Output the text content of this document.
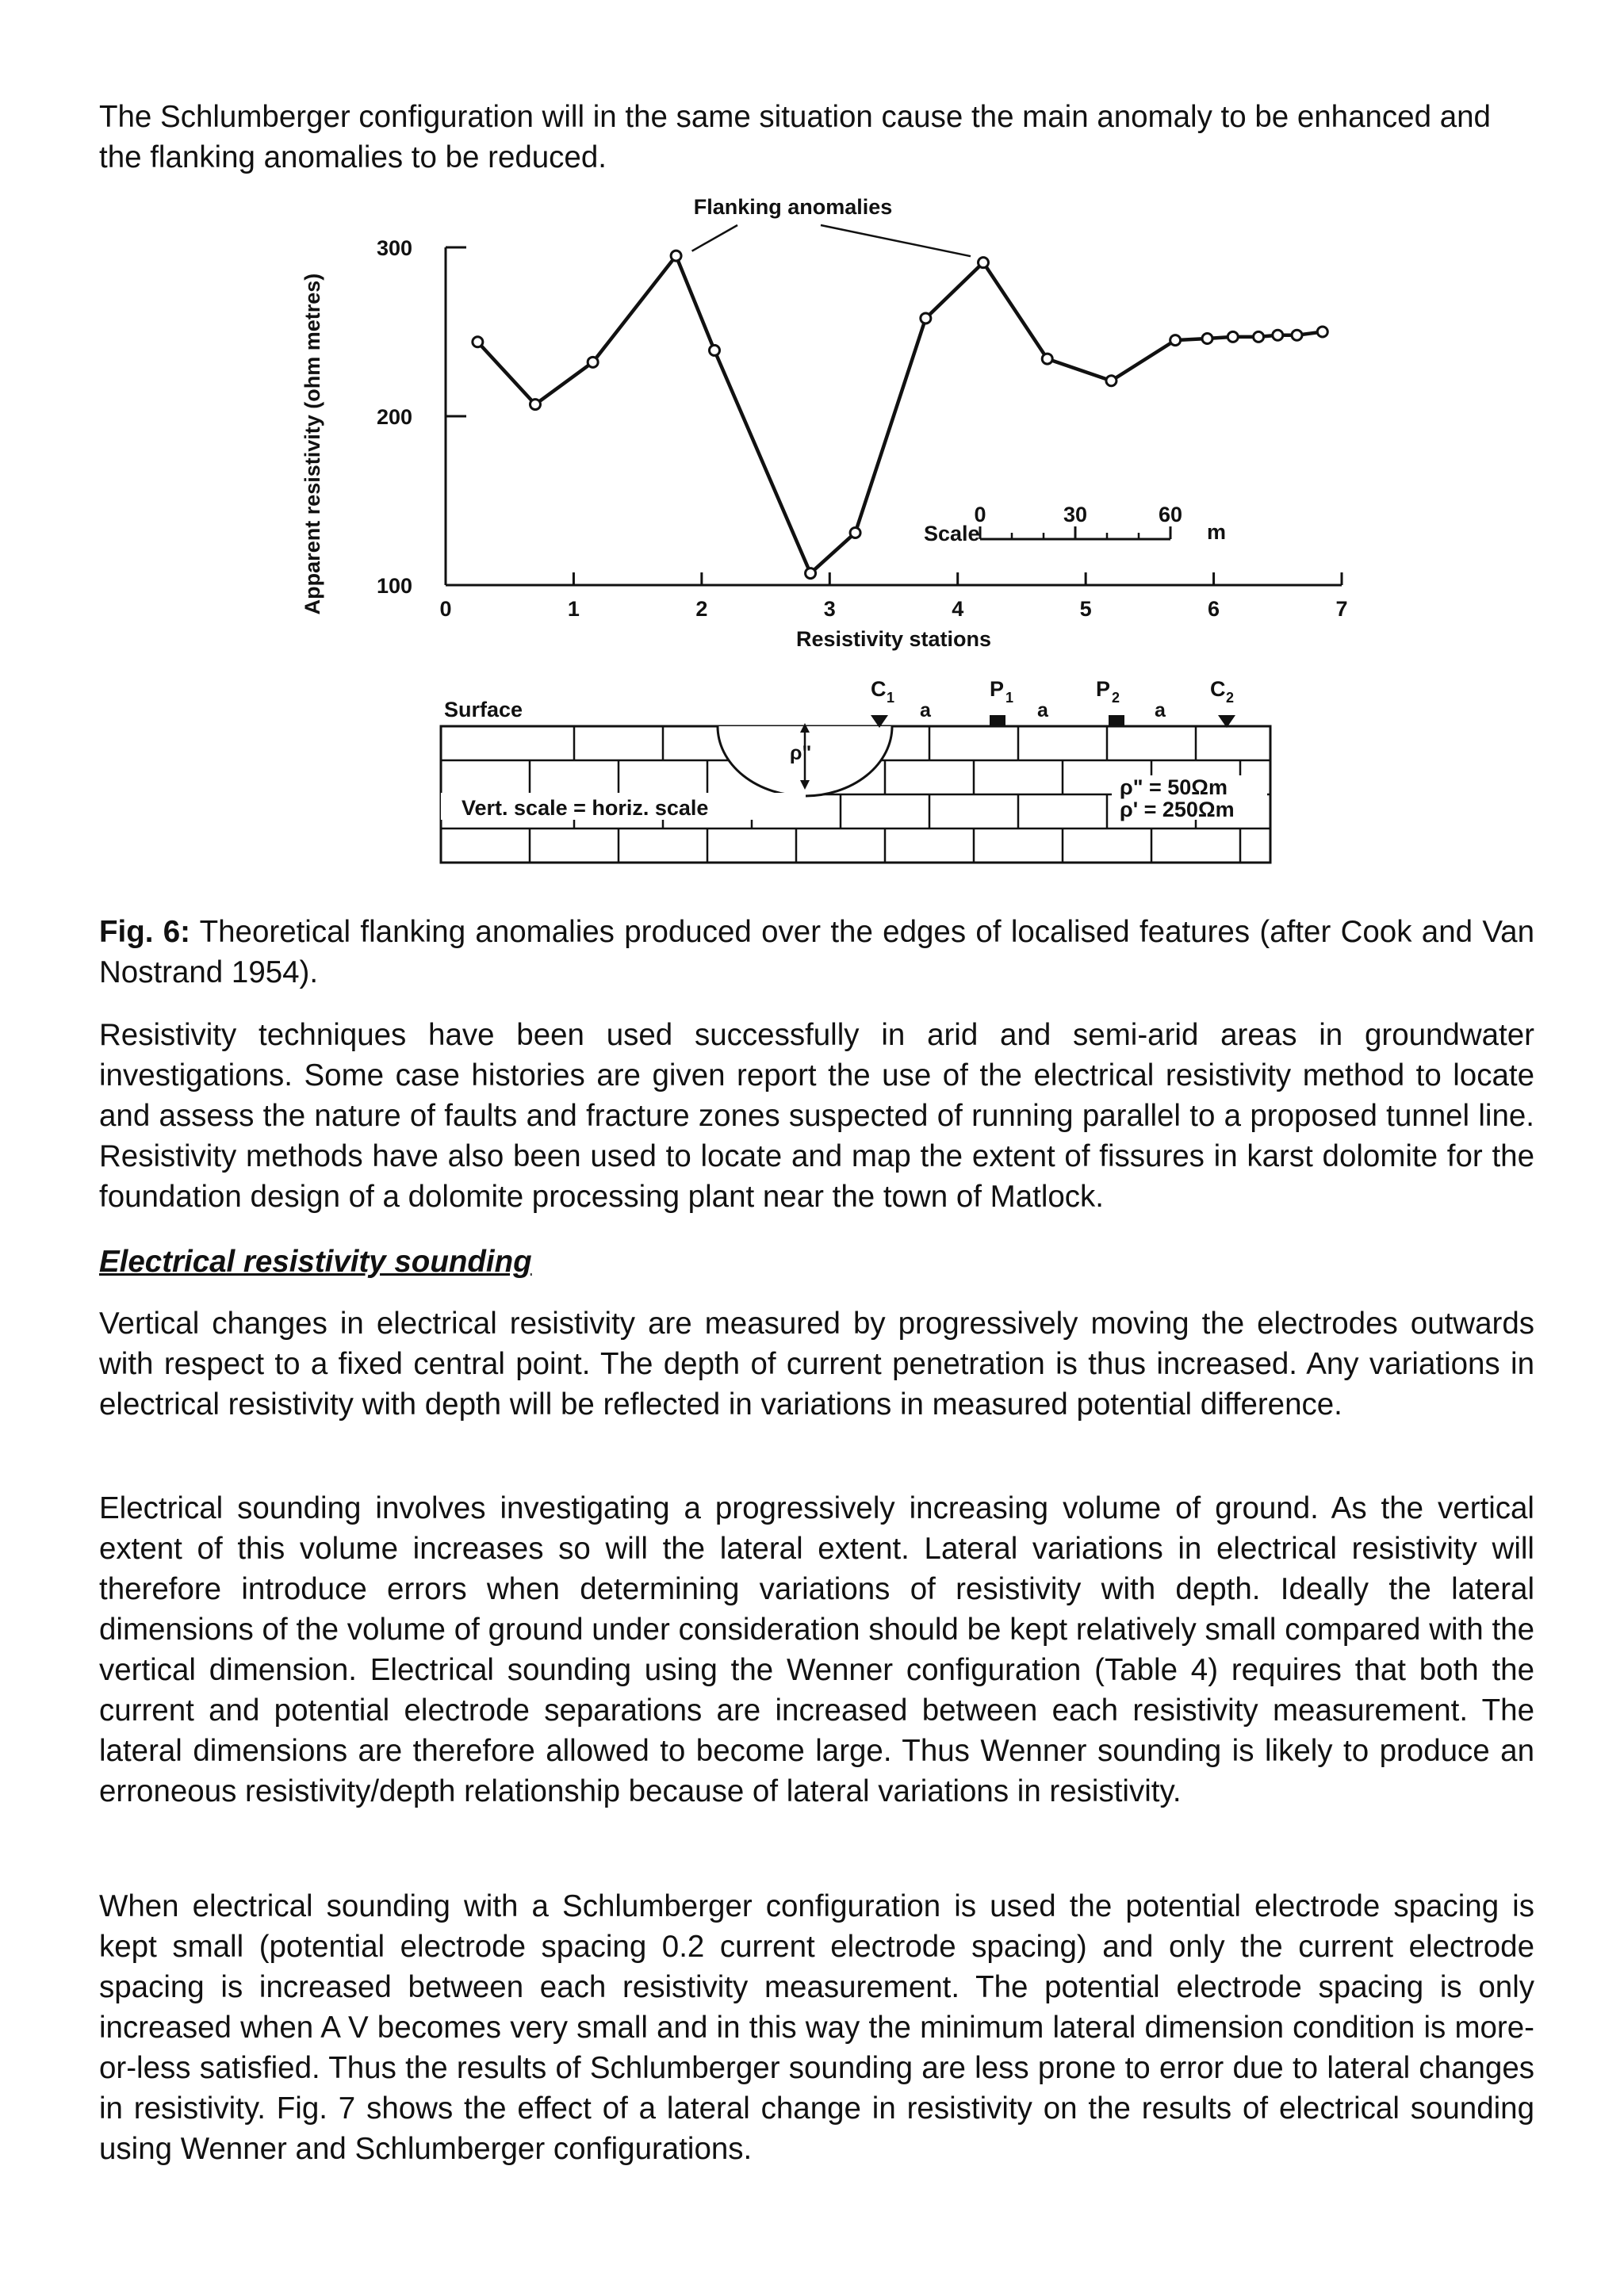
The Schlumberger configuration will in the same situation cause the main anomaly to be enhanced and the flanking anomalies to be reduced.

Flanking anomalies
Apparent resistivity (ohm metres) 100
200
300
0	1	2	3	4	5	6	7
Resistivity stations
Scale
0	30	60
m
Surface
ρ"
Vert. scale = horiz. scale
ρ" = 50Ωm
ρ' = 250Ωm
C 1
a
P 1
a
P 2
a
C 2

Fig. 6: Theoretical flanking anomalies produced over the edges of localised features (after Cook and Van Nostrand 1954).

Resistivity techniques have been used successfully in arid and semi-arid areas in groundwater investigations. Some case histories are given report the use of the electrical resistivity method to locate and assess the nature of faults and fracture zones suspected of running parallel to a proposed tunnel line. Resistivity methods have also been used to locate and map the extent of fissures in karst dolomite for the foundation design of a dolomite processing plant near the town of Matlock.

Electrical resistivity sounding

Vertical changes in electrical resistivity are measured by progressively moving the electrodes outwards with respect to a fixed central point. The depth of current penetration is thus increased. Any variations in electrical resistivity with depth will be reflected in variations in measured potential difference.

Electrical sounding involves investigating a progressively increasing volume of ground. As the vertical extent of this volume increases so will the lateral extent. Lateral variations in electrical resistivity will therefore introduce errors when determining variations of resistivity with depth. Ideally the lateral dimensions of the volume of ground under consideration should be kept relatively small compared with the vertical dimension. Electrical sounding using the Wenner configuration (Table 4) requires that both the current and potential electrode separations are increased between each resistivity measurement. The lateral dimensions are therefore allowed to become large. Thus Wenner sounding is likely to produce an erroneous resistivity/depth relationship because of lateral variations in resistivity.

When electrical sounding with a Schlumberger configuration is used the potential electrode spacing is kept small (potential electrode spacing 0.2 current electrode spacing) and only the current electrode spacing is increased between each resistivity measurement. The potential electrode spacing is only increased when A V becomes very small and in this way the minimum lateral dimension condition is more-or-less satisfied. Thus the results of Schlumberger sounding are less prone to error due to lateral changes in resistivity. Fig. 7 shows the effect of a lateral change in resistivity on the results of electrical sounding using Wenner and Schlumberger configurations.
